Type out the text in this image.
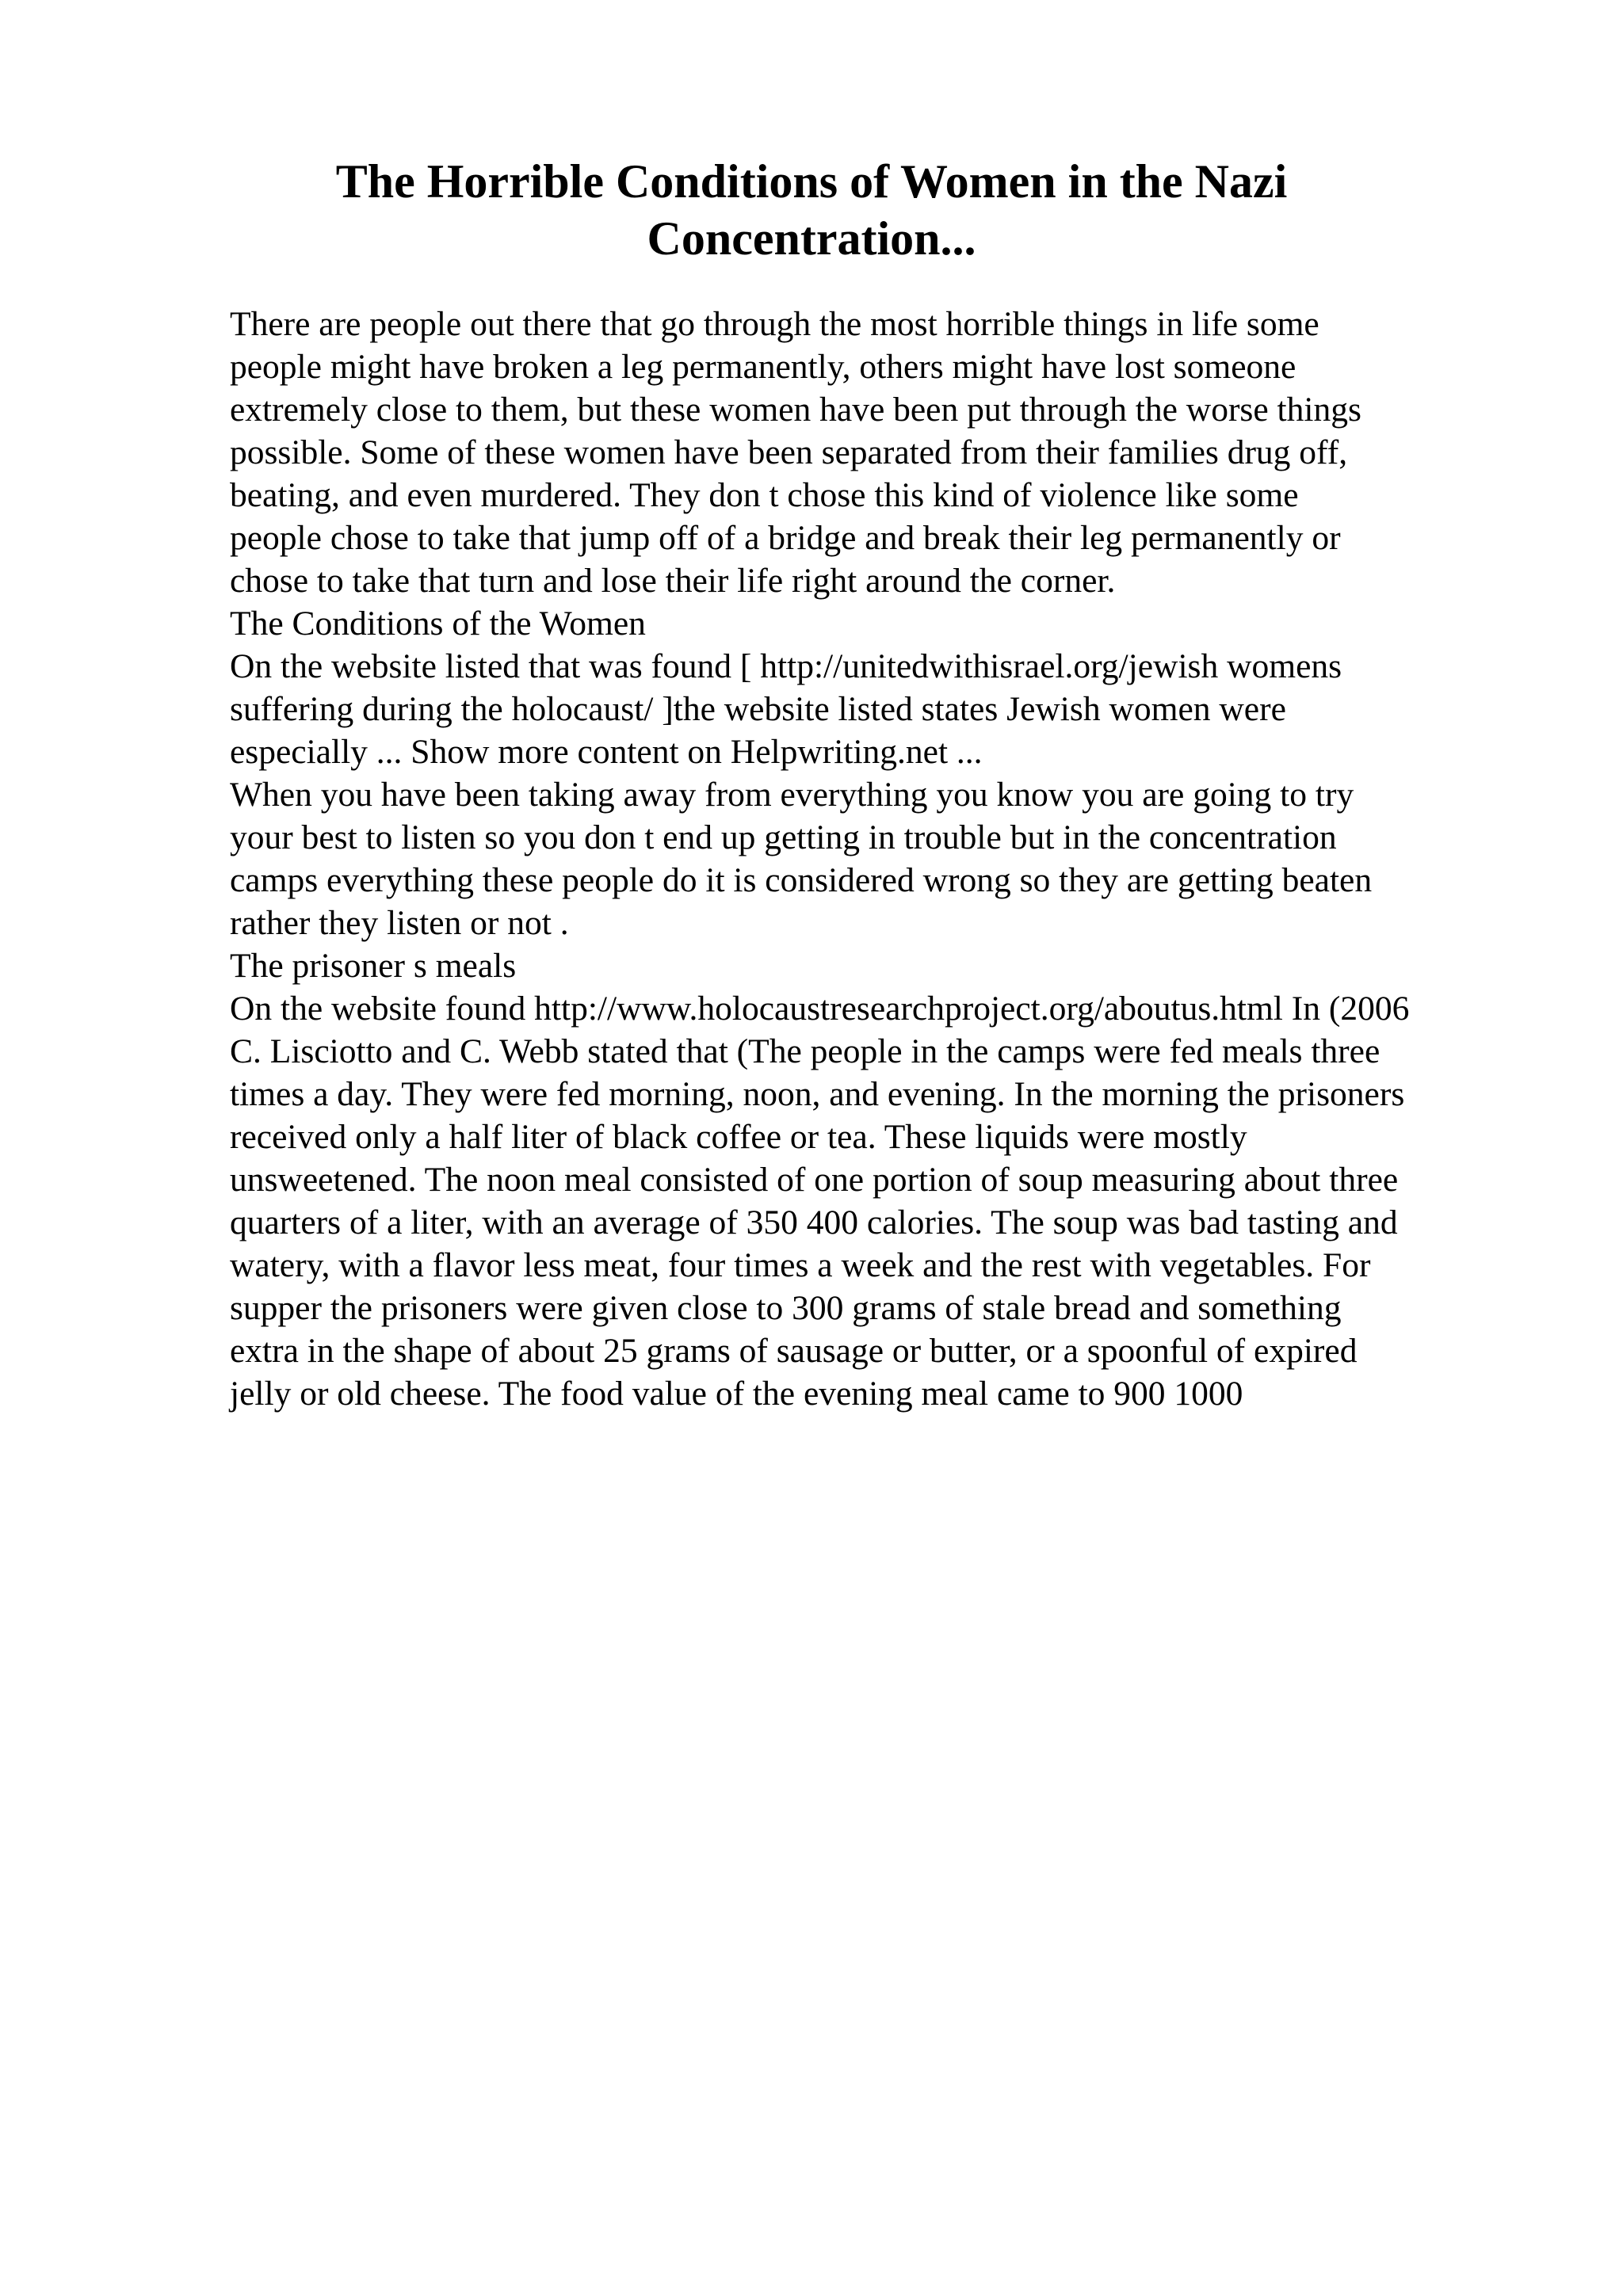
The Horrible Conditions of Women in the Nazi
Concentration...
There are people out there that go through the most horrible things in life some
people might have broken a leg permanently, others might have lost someone
extremely close to them, but these women have been put through the worse things
possible. Some of these women have been separated from their families drug off,
beating, and even murdered. They don t chose this kind of violence like some
people chose to take that jump off of a bridge and break their leg permanently or
chose to take that turn and lose their life right around the corner.
The Conditions of the Women
On the website listed that was found [ http://unitedwithisrael.org/jewish womens
suffering during the holocaust/ ]the website listed states Jewish women were
especially ... Show more content on Helpwriting.net ...
When you have been taking away from everything you know you are going to try
your best to listen so you don t end up getting in trouble but in the concentration
camps everything these people do it is considered wrong so they are getting beaten
rather they listen or not .
The prisoner s meals
On the website found http://www.holocaustresearchproject.org/aboutus.html In (2006
C. Lisciotto and C. Webb stated that (The people in the camps were fed meals three
times a day. They were fed morning, noon, and evening. In the morning the prisoners
received only a half liter of black coffee or tea. These liquids were mostly
unsweetened. The noon meal consisted of one portion of soup measuring about three
quarters of a liter, with an average of 350 400 calories. The soup was bad tasting and
watery, with a flavor less meat, four times a week and the rest with vegetables. For
supper the prisoners were given close to 300 grams of stale bread and something
extra in the shape of about 25 grams of sausage or butter, or a spoonful of expired
jelly or old cheese. The food value of the evening meal came to 900 1000
